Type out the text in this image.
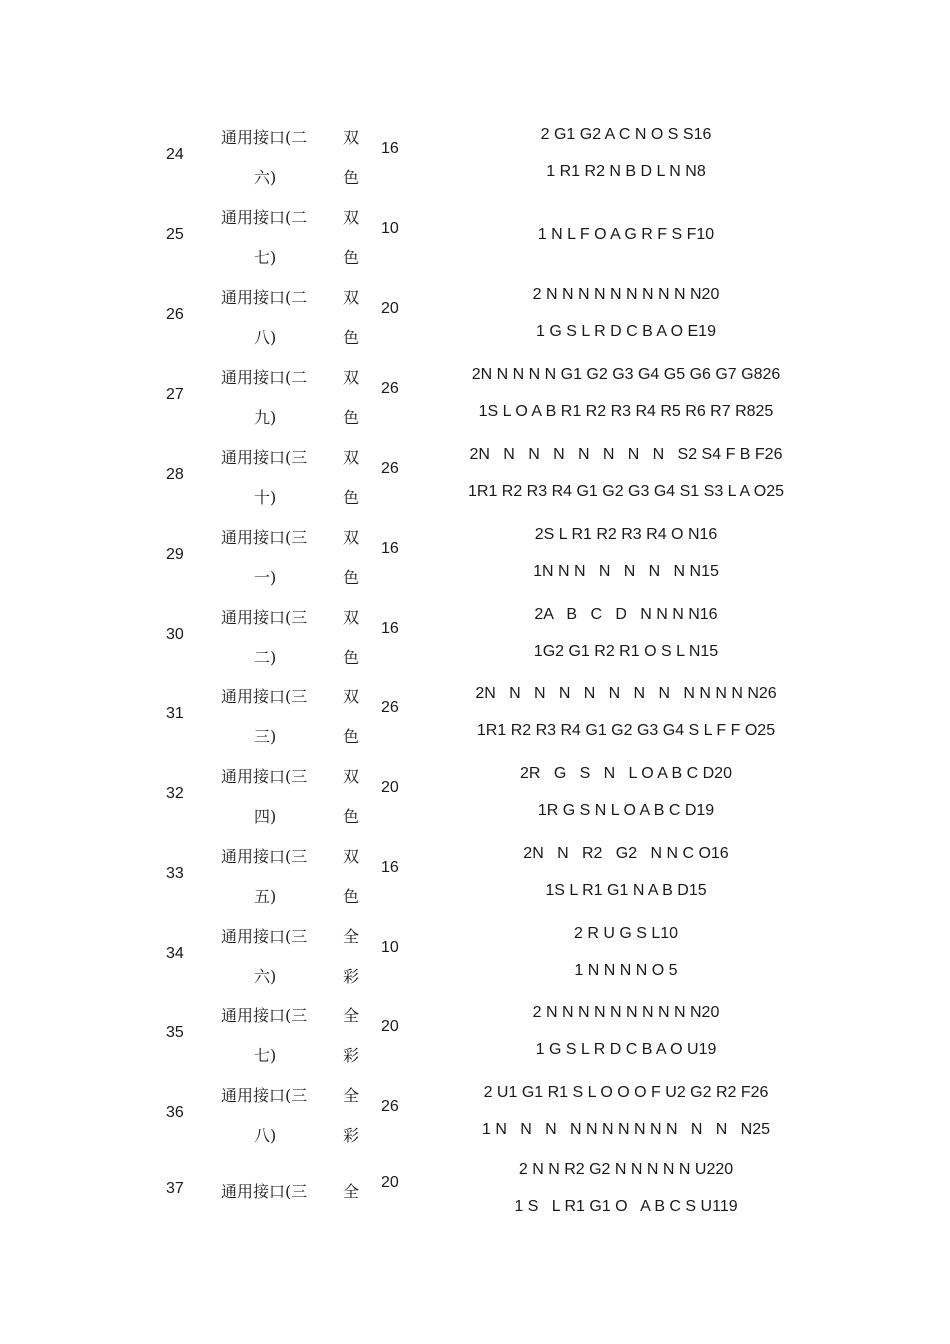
24
通用接口(二
六)
双
色
16
2 G1 G2 A C N O S S16
1 R1 R2 N B D L N N8
25
通用接口(二
七)
双
色
10	1 N L F O A G R F S F10
26
通用接口(二
八)
双
色
20
2 N N N N N N N N N N20
1 G S L R D C B A O E19
27
通用接口(二
九)
双
色
26
2N N N N N G1 G2 G3 G4 G5 G6 G7 G826
1S L O A B R1 R2 R3 R4 R5 R6 R7 R825
28
通用接口(三
十)
双
色
26
2N   N   N   N   N   N   N   N   S2 S4 F B F26
1R1 R2 R3 R4 G1 G2 G3 G4 S1 S3 L A O25
29
通用接口(三
一)
双
色
16
2S L R1 R2 R3 R4 O N16
1N N N   N   N   N   N N15
30
通用接口(三
二)
双
色
16
2A   B   C   D   N N N N16
1G2 G1 R2 R1 O S L N15
31
通用接口(三
三)
双
色
26
2N   N   N   N   N   N   N   N   N N N N N26
1R1 R2 R3 R4 G1 G2 G3 G4 S L F F O25
32
通用接口(三
四)
双
色
20
2R   G   S   N   L O A B C D20
1R G S N L O A B C D19
33
通用接口(三
五)
双
色
16
2N   N   R2   G2   N N C O16
1S L R1 G1 N A B D15
34
通用接口(三
六)
全
彩
10
2 R U G S L10
1 N N N N O 5
35
通用接口(三
七)
全
彩
20
2 N N N N N N N N N N20
1 G S L R D C B A O U19
36
通用接口(三
八)
全
彩
26
2 U1 G1 R1 S L O O O F U2 G2 R2 F26
1 N   N   N   N N N N N N N   N   N   N25
37	通用接口(三 全 20
2 N N R2 G2 N N N N N U220
1 S   L R1 G1 O   A B C S U119
